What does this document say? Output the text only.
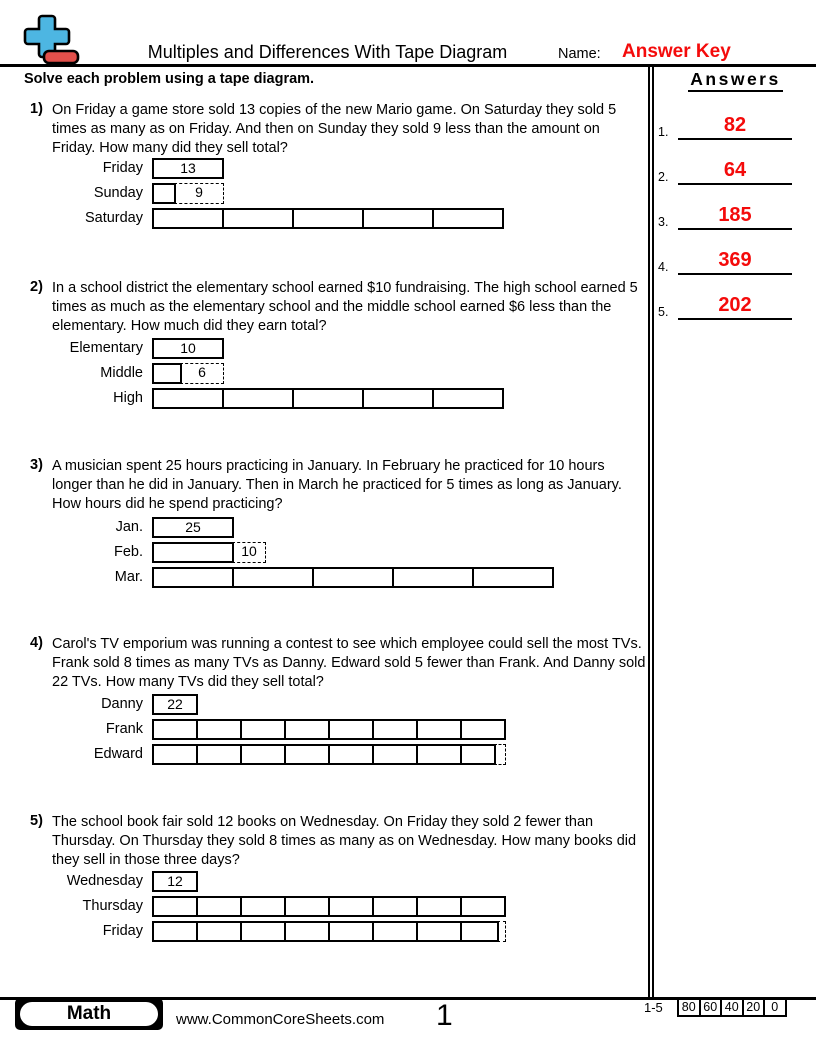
Multiples and Differences With Tape Diagram	Name: Answer Key
Solve each problem using a tape diagram.	Answers
1.	82
2.	64
3.	185
4.	369
5.	202
1) On Friday a game store sold 13 copies of the new Mario game. On Saturday they sold 5 times as many as on Friday. And then on Sunday they sold 9 less than the amount on Friday. How many did they sell total?
Friday	13
Sunday	9
Saturday
2) In a school district the elementary school earned $10 fundraising. The high school earned 5 times as much as the elementary school and the middle school earned $6 less than the elementary. How much did they earn total?
Elementary	10
Middle	6
High
3) A musician spent 25 hours practicing in January. In February he practiced for 10 hours longer than he did in January. Then in March he practiced for 5 times as long as January. How hours did he spend practicing?
Jan.	25
Feb.	10
Mar.
4) Carol's TV emporium was running a contest to see which employee could sell the most TVs. Frank sold 8 times as many TVs as Danny. Edward sold 5 fewer than Frank. And Danny sold 22 TVs. How many TVs did they sell total?
Danny	22
Frank
Edward
5) The school book fair sold 12 books on Wednesday. On Friday they sold 2 fewer than Thursday. On Thursday they sold 8 times as many as on Wednesday. How many books did they sell in those three days?
Wednesday	12
Thursday
Friday
Math	www.CommonCoreSheets.com 1	1-5 80 60 40 20 0
